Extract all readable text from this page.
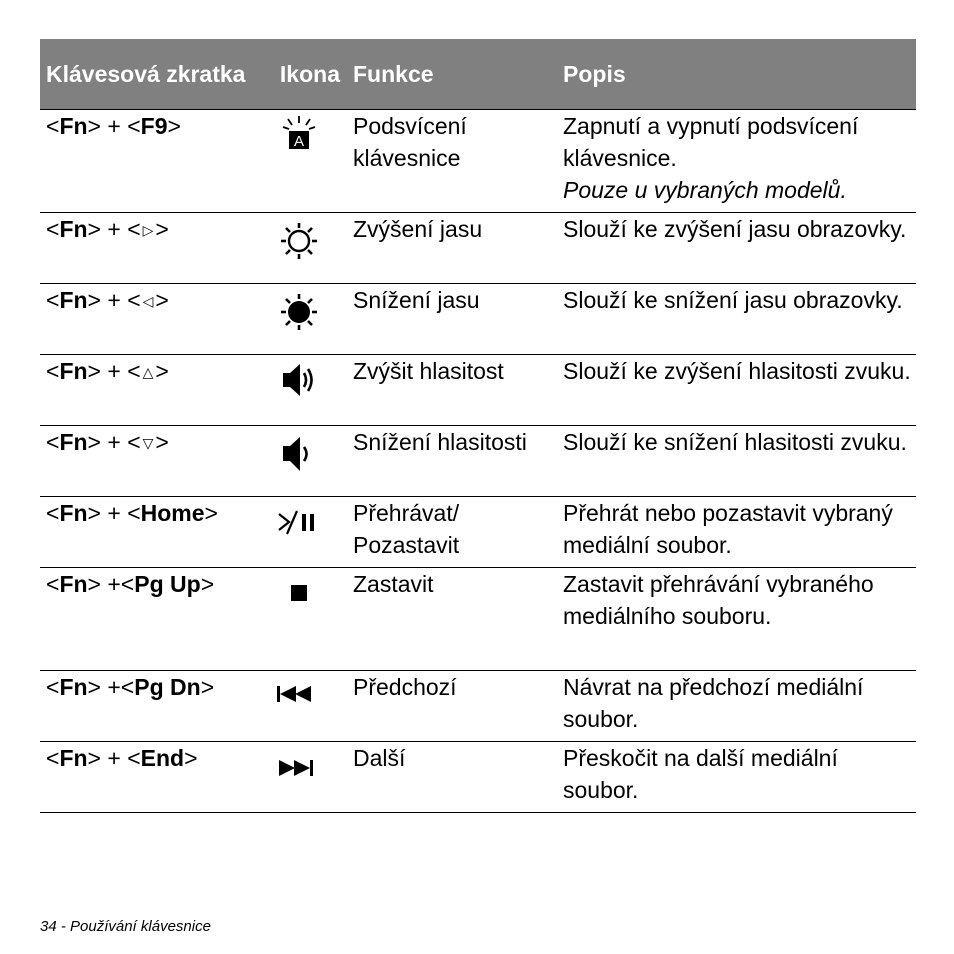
Klávesová zkratka	Ikona	Funkce	Popis
<Fn> + <F9>	A	Podsvícení klávesnice	Zapnutí a vypnutí podsvícení klávesnice.
Pouze u vybraných modelů.

<Fn> + < ▷>		Zvýšení jasu	Slouží ke zvýšení jasu obrazovky.
<Fn> + < ◁>		Snížení jasu	Slouží ke snížení jasu obrazovky.
<Fn> + < △>		Zvýšit hlasitost	Slouží ke zvýšení hlasitosti zvuku.
<Fn> + < ▽>		Snížení hlasitosti	Slouží ke snížení hlasitosti zvuku.
<Fn> + <Home>		Přehrávat/ Pozastavit	Přehrát nebo pozastavit vybraný mediální soubor.
<Fn> +<Pg Up>		Zastavit	Zastavit přehrávání vybraného mediálního souboru.
<Fn> +<Pg Dn>		Předchozí	Návrat na předchozí mediální soubor.
<Fn> + <End>		Další	Přeskočit na další mediální soubor.
34 - Používání klávesnice
